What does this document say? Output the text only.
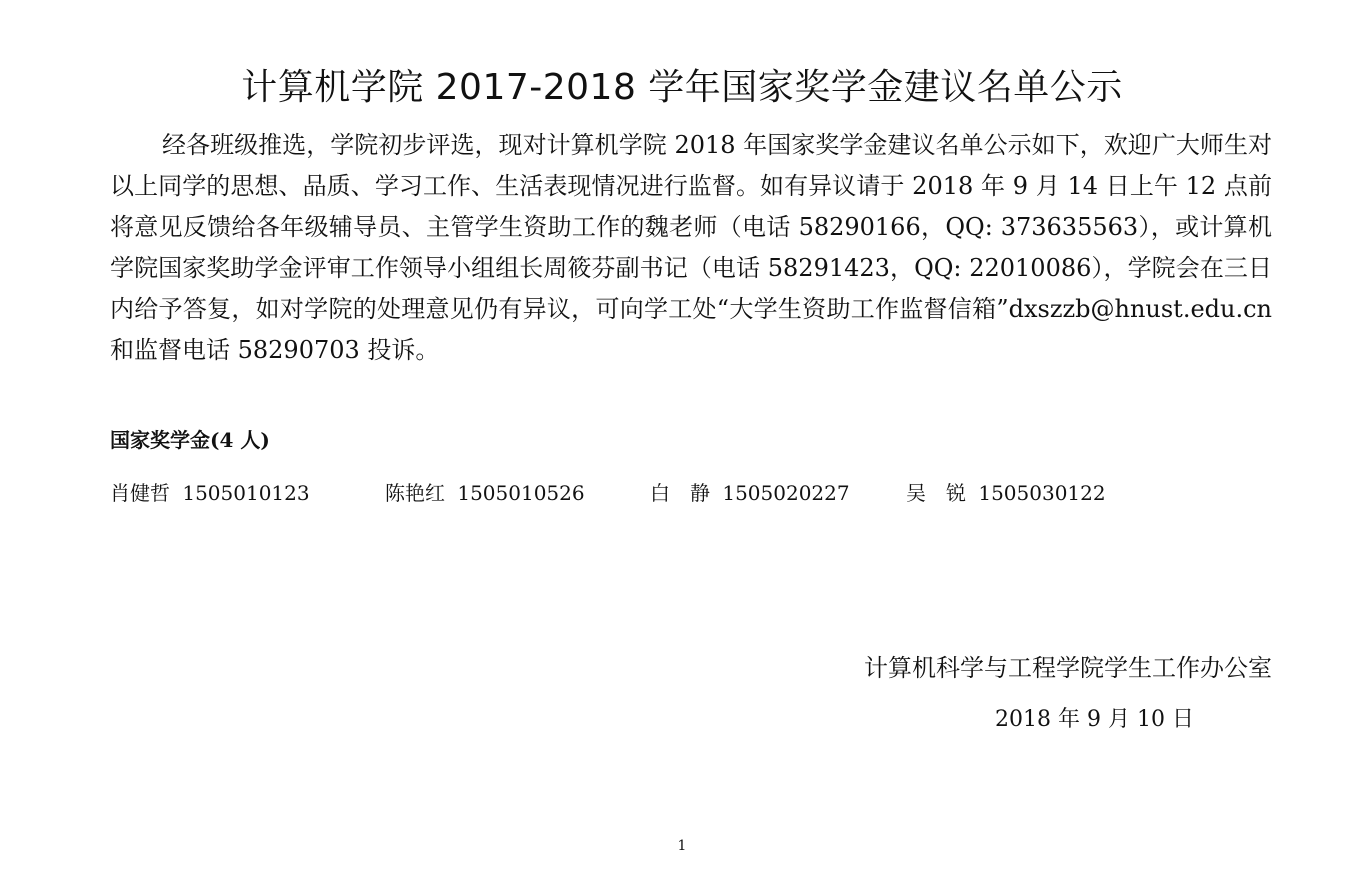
计算机学院 2017-2018 学年国家奖学金建议名单公示
经各班级推选，学院初步评选，现对计算机学院 2018 年国家奖学金建议名单公示如下，欢迎广大师生对以上同学的思想、品质、学习工作、生活表现情况进行监督。如有异议请于 2018 年 9 月 14 日上午 12 点前将意见反馈给各年级辅导员、主管学生资助工作的魏老师（电话 58290166，QQ: 373635563），或计算机学院国家奖助学金评审工作领导小组组长周筱芬副书记（电话 58291423，QQ: 22010086），学院会在三日内给予答复，如对学院的处理意见仍有异议，可向学工处“大学生资助工作监督信箱”dxszzb@hnust.edu.cn 和监督电话 58290703 投诉。
国家奖学金(4 人)
肖健哲 1505010123	陈艳红 1505010526	白　静 1505020227	吴　锐 1505030122
计算机科学与工程学院学生工作办公室
2018 年 9 月 10 日
1
